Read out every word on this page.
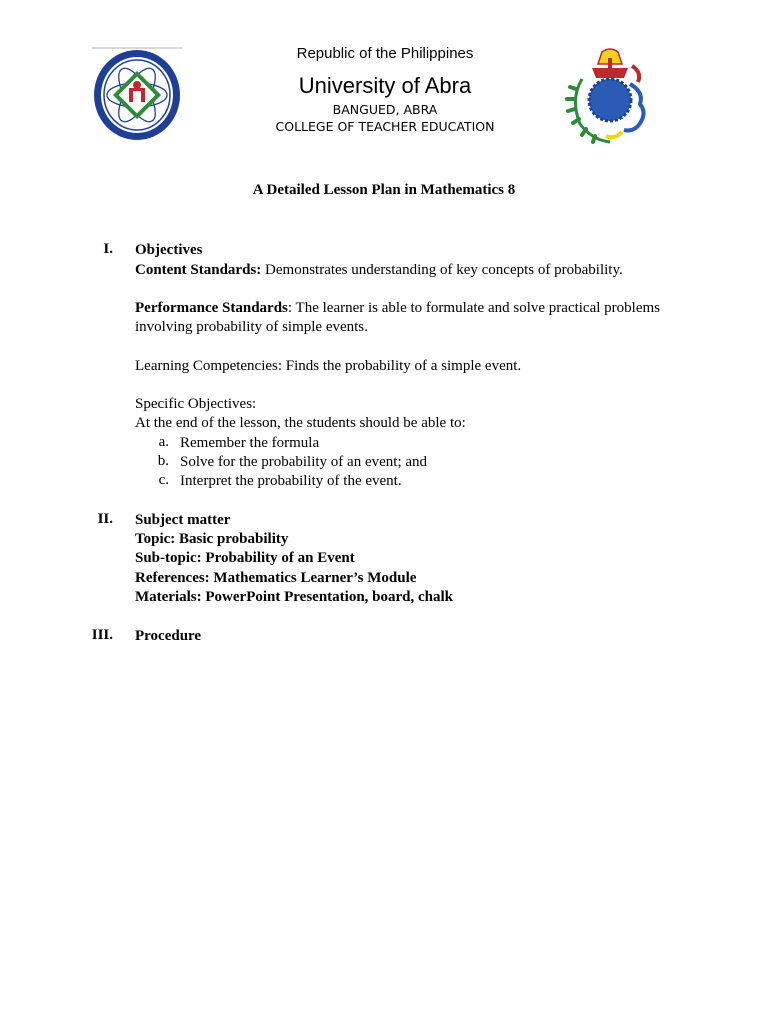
Republic of the Philippines
University of Abra
BANGUED, ABRA
COLLEGE OF TEACHER EDUCATION
A Detailed Lesson Plan in Mathematics 8
I. Objectives
Content Standards: Demonstrates understanding of key concepts of probability.
Performance Standards: The learner is able to formulate and solve practical problems
involving probability of simple events.
Learning Competencies: Finds the probability of a simple event.
Specific Objectives:
At the end of the lesson, the students should be able to:
a. Remember the formula
b. Solve for the probability of an event; and
c. Interpret the probability of the event.
II. Subject matter
Topic: Basic probability
Sub-topic: Probability of an Event
References: Mathematics Learner’s Module
Materials: PowerPoint Presentation, board, chalk
III. Procedure
